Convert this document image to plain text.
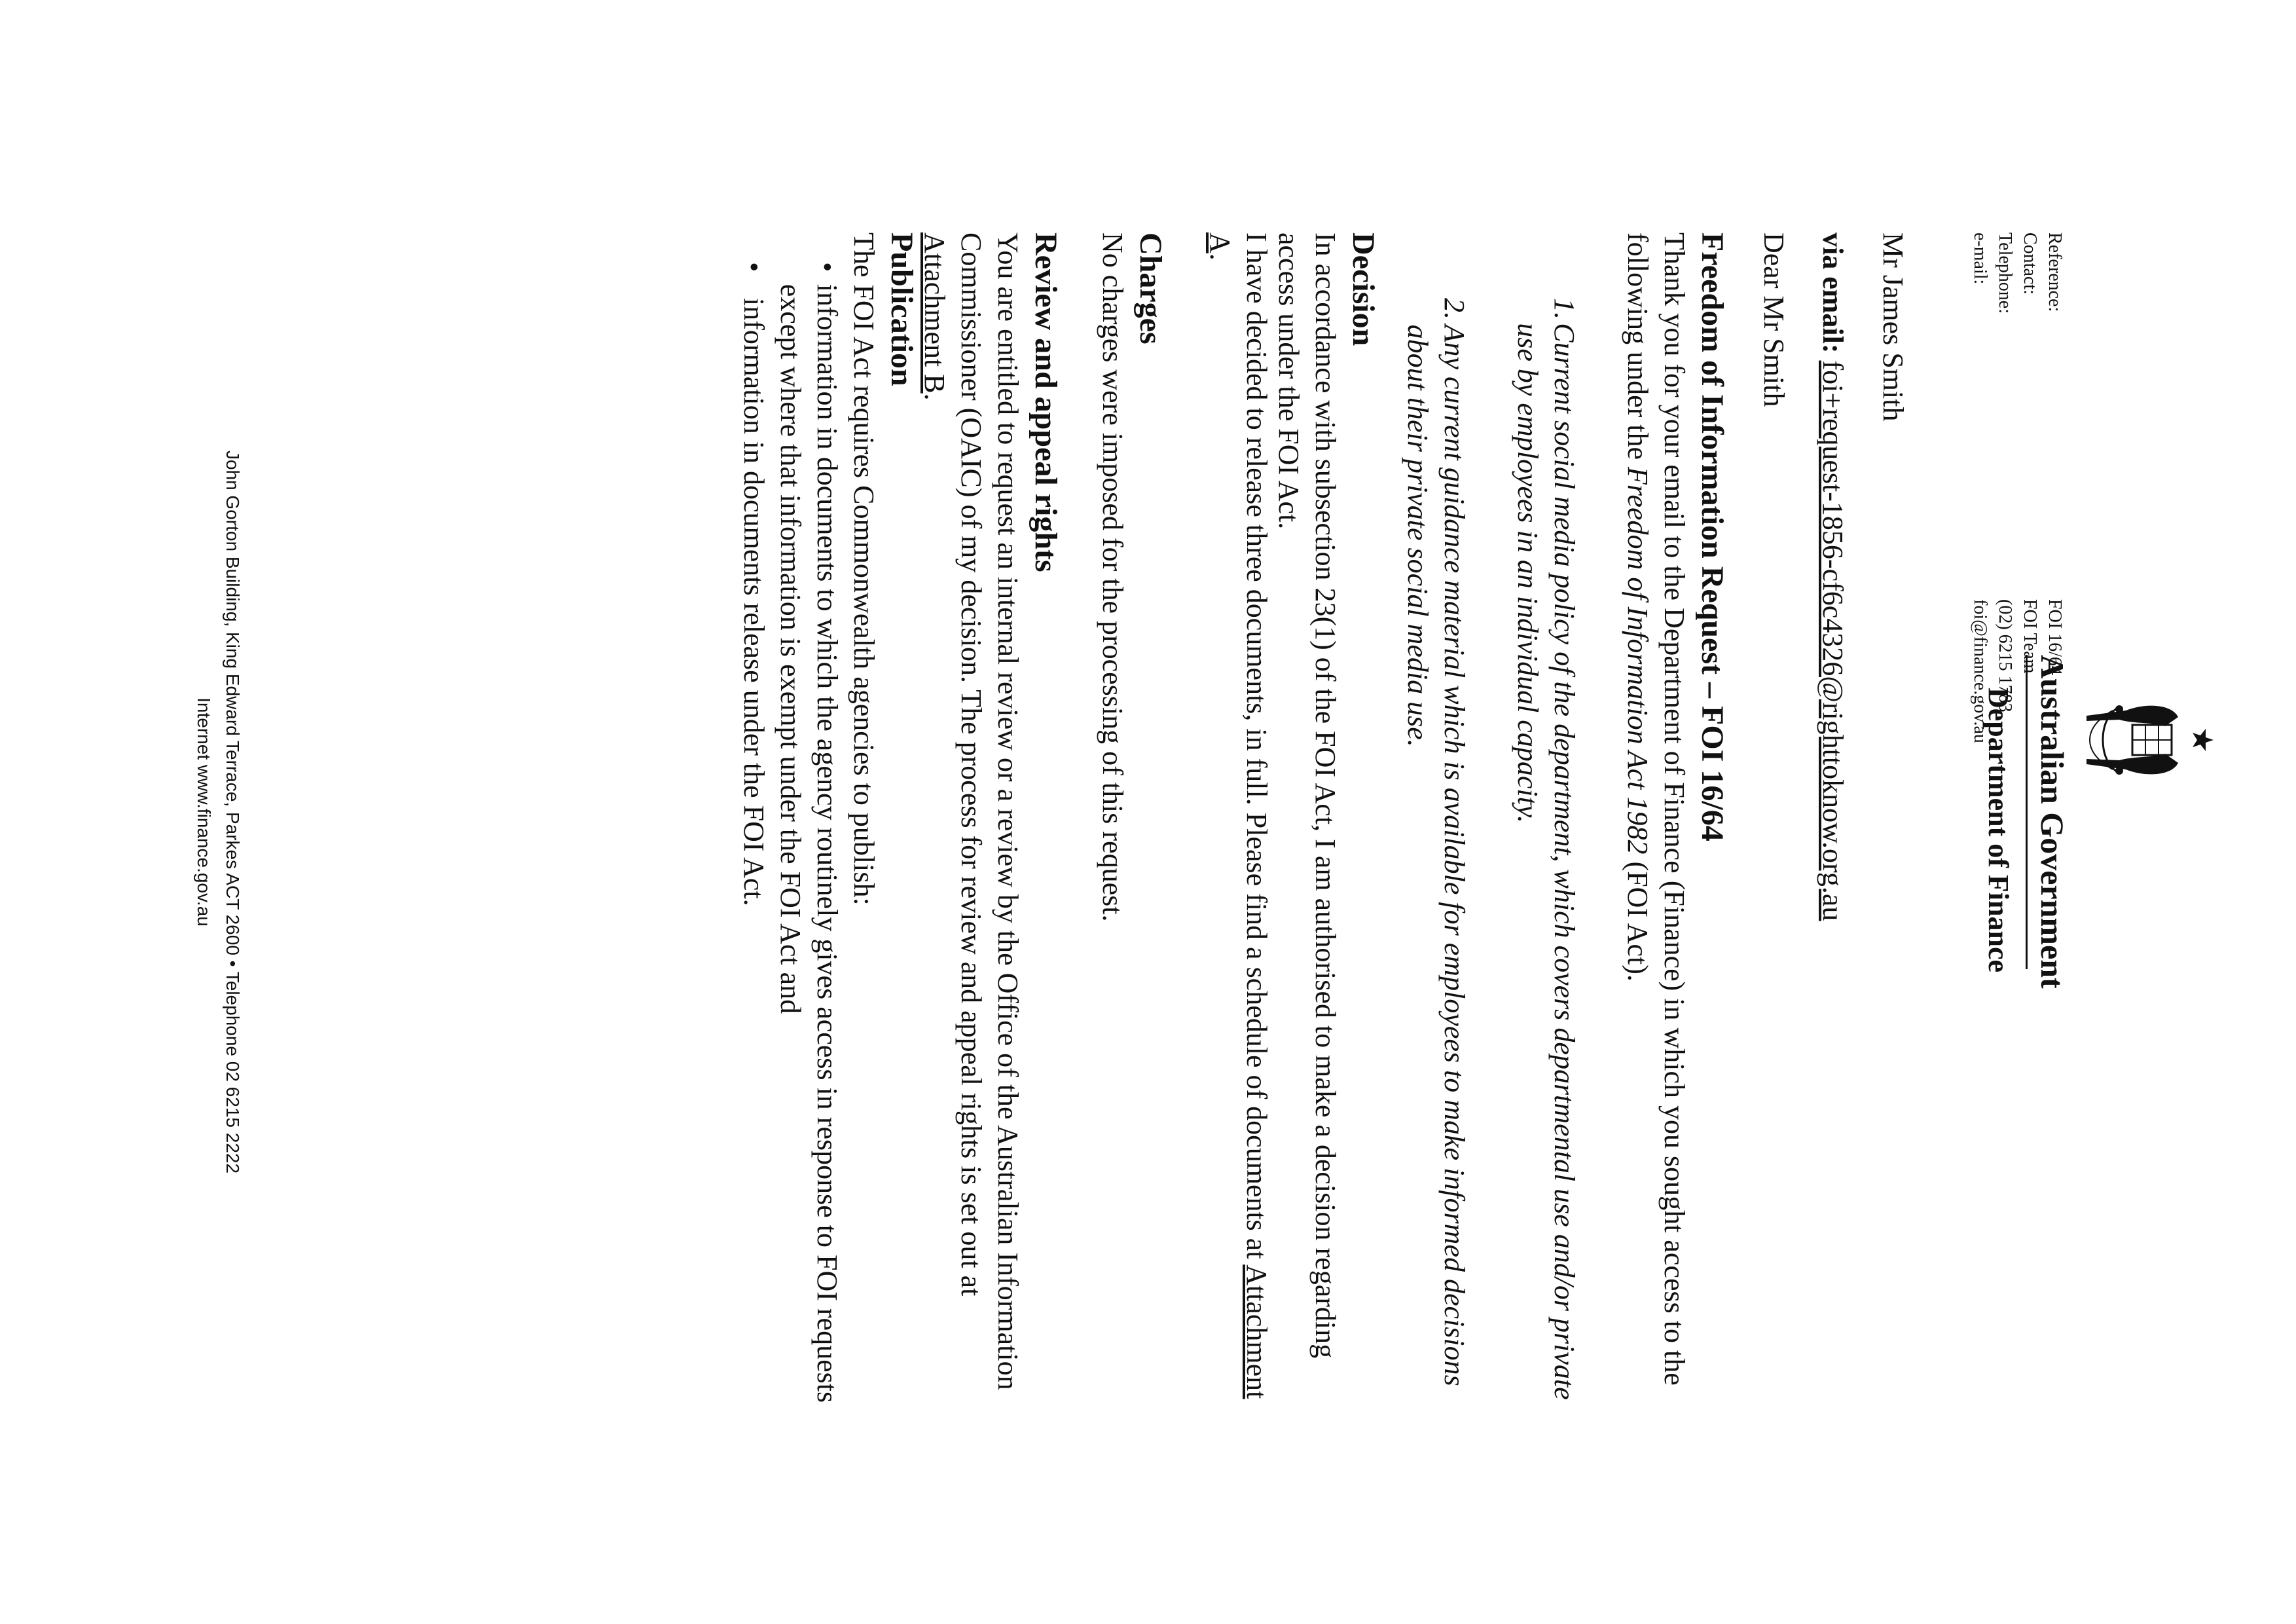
Australian Government
Department of Finance
Reference:
FOI 16/64
Contact:
FOI Team
Telephone:
(02) 6215 1783
e-mail:
foi@finance.gov.au

Mr James Smith

via email: foi+request-1856-cf6c4326@righttoknow.org.au

Dear Mr Smith

Freedom of Information Request – FOI 16/64

Thank you for your email to the Department of Finance (Finance) in which you sought access to the following under the Freedom of Information Act 1982 (FOI Act).

1.
Current social media policy of the department, which covers departmental use and/or private use by employees in an individual capacity.
2.
Any current guidance material which is available for employees to make informed decisions about their private social media use.
Decision

In accordance with subsection 23(1) of the FOI Act, I am authorised to make a decision regarding access under the FOI Act.

I have decided to release three documents, in full. Please find a schedule of documents at Attachment A.

Charges

No charges were imposed for the processing of this request.

Review and appeal rights

You are entitled to request an internal review or a review by the Office of the Australian Information Commissioner (OAIC) of my decision. The process for review and appeal rights is set out at Attachment B.

Publication

The FOI Act requires Commonwealth agencies to publish:

•
information in documents to which the agency routinely gives access in response to FOI requests except where that information is exempt under the FOI Act and
•
information in documents release under the FOI Act.
John Gorton Building, King Edward Terrace, Parkes ACT 2600 • Telephone 02 6215 2222
Internet www.finance.gov.au
